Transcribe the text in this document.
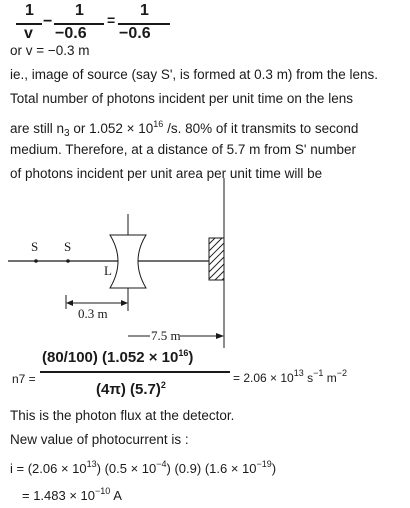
1
v
−
1
−0.6
=
1
−0.6
or v = −0.3 m
ie., image of source (say S', is formed at 0.3 m) from the lens.
Total number of photons incident per unit time on the lens
are still $n_3$ or $1.052 \times 10^{16}$ /s. 80% of it transmits to second
medium. Therefore, at a distance of 5.7 m from S' number
of photons incident per unit area per unit time will be
S S
L
0.3 m
7.5 m
n7 =
(80/100) $(1.052 \times 10^{16})$
(4π) $(5.7)^2$	= $2.06 \times 10^{13}$ $s^{-1}$ $m^{-2}$
This is the photon flux at the detector.
New value of photocurrent is :
$i = (2.06 \times 10^{13})$ $(0.5 \times 10^{-4})$ (0.9) $(1.6 \times 10^{-19})$
= $1.483 \times 10^{-10}$ A
